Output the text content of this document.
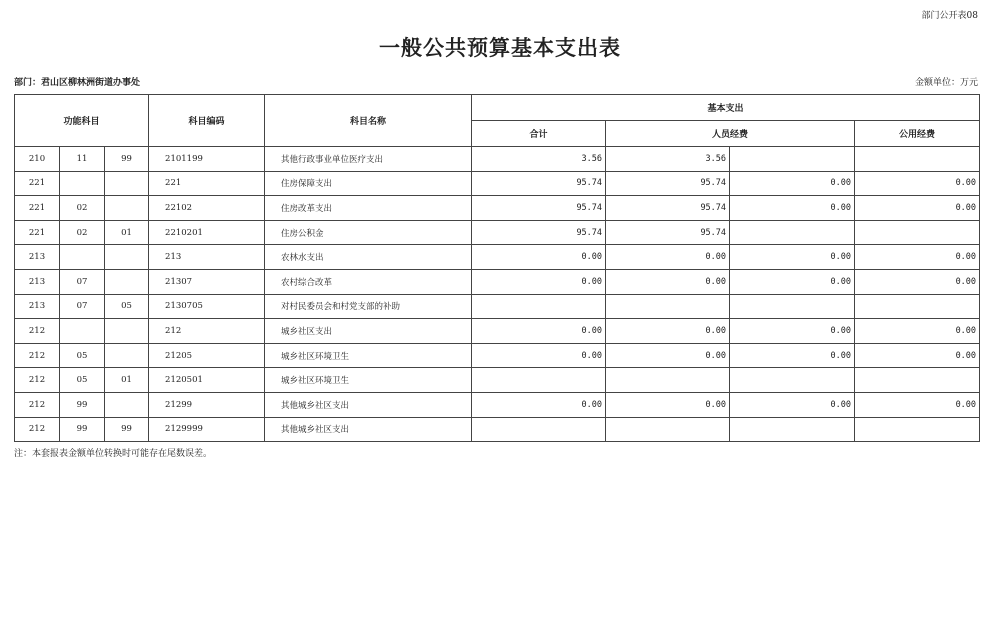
部门公开表08
一般公共预算基本支出表
部门：君山区柳林洲街道办事处	金额单位：万元
功能科目			科目编码	科目名称	基本支出			
					合计	人员经费		公用经费
210	11	99	2101199	其他行政事业单位医疗支出	3.56	3.56		
221			221	住房保障支出	95.74	95.74	0.00	0.00
221	02		22102	住房改革支出	95.74	95.74	0.00	0.00
221	02	01	2210201	住房公积金	95.74	95.74		
213			213	农林水支出	0.00	0.00	0.00	0.00
213	07		21307	农村综合改革	0.00	0.00	0.00	0.00
213	07	05	2130705	对村民委员会和村党支部的补助				
212			212	城乡社区支出	0.00	0.00	0.00	0.00
212	05		21205	城乡社区环境卫生	0.00	0.00	0.00	0.00
212	05	01	2120501	城乡社区环境卫生				
212	99		21299	其他城乡社区支出	0.00	0.00	0.00	0.00
212	99	99	2129999	其他城乡社区支出				
注：本套报表金额单位转换时可能存在尾数误差。
